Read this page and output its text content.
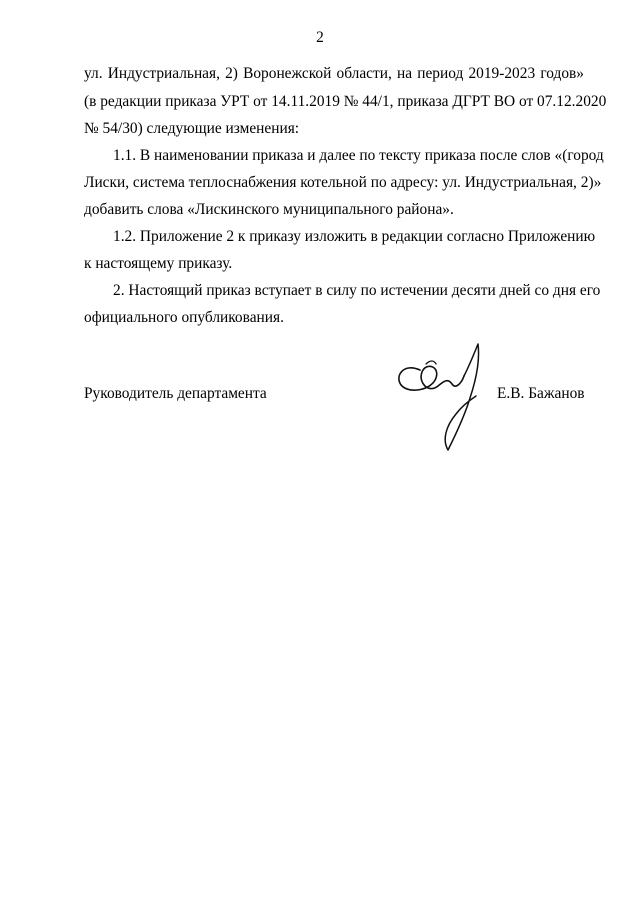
2
ул. Индустриальная, 2) Воронежской области, на период 2019-2023 годов»
(в редакции приказа УРТ от 14.11.2019 № 44/1, приказа ДГРТ ВО от 07.12.2020
№ 54/30) следующие изменения:
1.1. В наименовании приказа и далее по тексту приказа после слов «(город
Лиски, система теплоснабжения котельной по адресу: ул. Индустриальная, 2)»
добавить слова «Лискинского муниципального района».
1.2. Приложение 2 к приказу изложить в редакции согласно Приложению
к настоящему приказу.
2. Настоящий приказ вступает в силу по истечении десяти дней со дня его
официального опубликования.
Руководитель департамента	Е.В. Бажанов
